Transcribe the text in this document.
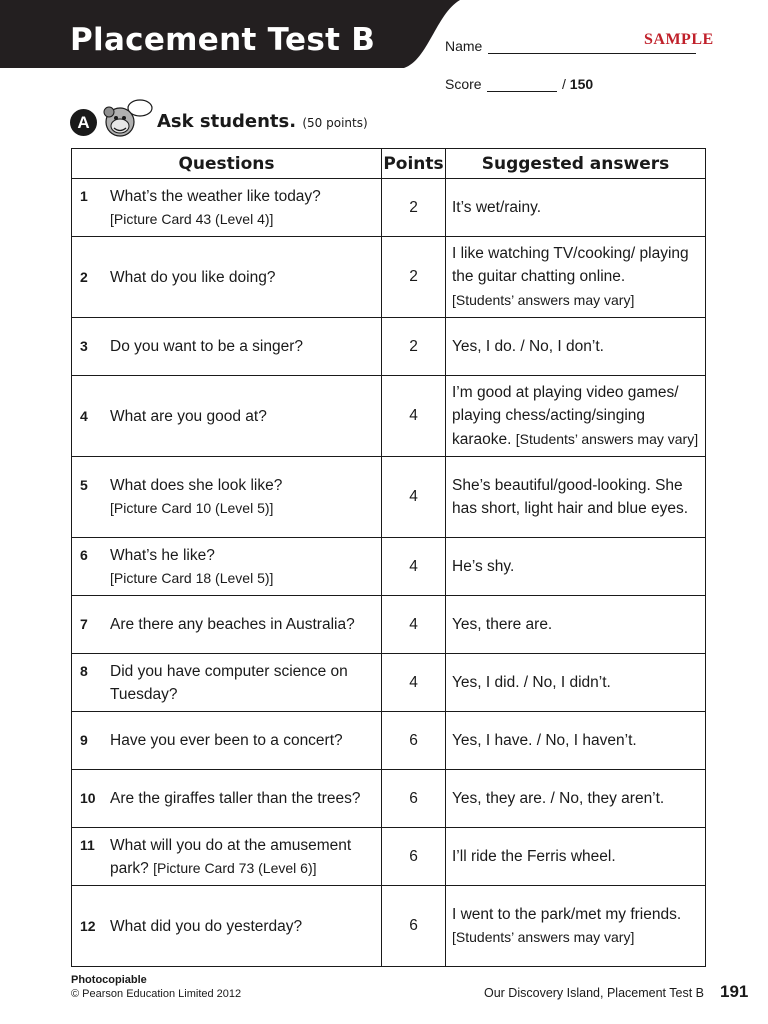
Placement Test B	Name	SAMPLE
Score	/ 150
A	Ask students. (50 points)
Questions	Points	Suggested answers

1 What’s the weather like today?
[Picture Card 43 (Level 4)]	2	It’s wet/rainy.

2 What do you like doing?	2	I like watching TV/cooking/ playing the guitar chatting online.
[Students’ answers may vary]

3 Do you want to be a singer?	2	Yes, I do. / No, I don’t.

4 What are you good at?	4	I’m good at playing video games/ playing chess/acting/singing karaoke. [Students’ answers may vary]

5 What does she look like?
[Picture Card 10 (Level 5)]	4	She’s beautiful/good-looking. She has short, light hair and blue eyes.

6 What’s he like?
[Picture Card 18 (Level 5)]	4	He’s shy.

7 Are there any beaches in Australia?	4	Yes, there are.

8 Did you have computer science on Tuesday?	4	Yes, I did. / No, I didn’t.

9 Have you ever been to a concert?	6	Yes, I have. / No, I haven’t.

10 Are the giraffes taller than the trees?	6	Yes, they are. / No, they aren’t.

11 What will you do at the amusement park? [Picture Card 73 (Level 6)]	6	I’ll ride the Ferris wheel.

12 What did you do yesterday?	6	I went to the park/met my friends.
[Students’ answers may vary]
Photocopiable
© Pearson Education Limited 2012	Our Discovery Island, Placement Test B 191
